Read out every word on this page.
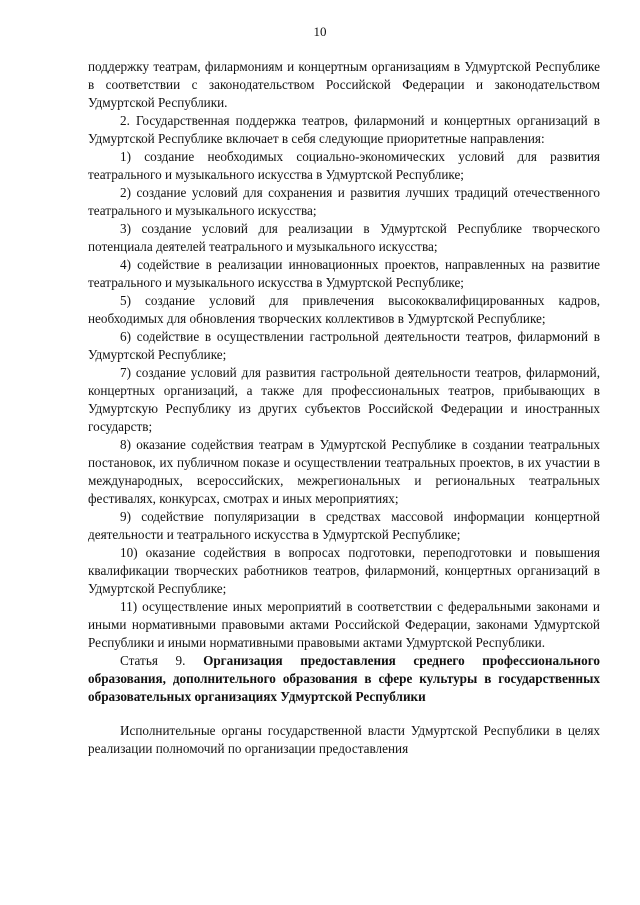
10

поддержку театрам, филармониям и концертным организациям в Удмуртской Республике в соответствии с законодательством Российской Федерации и законодательством Удмуртской Республики.

2. Государственная поддержка театров, филармоний и концертных организаций в Удмуртской Республике включает в себя следующие приоритетные направления:

1) создание необходимых социально-экономических условий для развития театрального и музыкального искусства в Удмуртской Республике;

2) создание условий для сохранения и развития лучших традиций отечественного театрального и музыкального искусства;

3) создание условий для реализации в Удмуртской Республике творческого потенциала деятелей театрального и музыкального искусства;

4) содействие в реализации инновационных проектов, направленных на развитие театрального и музыкального искусства в Удмуртской Республике;

5) создание условий для привлечения высококвалифицированных кадров, необходимых для обновления творческих коллективов в Удмуртской Республике;

6) содействие в осуществлении гастрольной деятельности театров, филармоний в Удмуртской Республике;

7) создание условий для развития гастрольной деятельности театров, филармоний, концертных организаций, а также для профессиональных театров, прибывающих в Удмуртскую Республику из других субъектов Российской Федерации и иностранных государств;

8) оказание содействия театрам в Удмуртской Республике в создании театральных постановок, их публичном показе и осуществлении театральных проектов, в их участии в международных, всероссийских, межрегиональных и региональных театральных фестивалях, конкурсах, смотрах и иных мероприятиях;

9) содействие популяризации в средствах массовой информации концертной деятельности и театрального искусства в Удмуртской Республике;

10) оказание содействия в вопросах подготовки, переподготовки и повышения квалификации творческих работников театров, филармоний, концертных организаций в Удмуртской Республике;

11) осуществление иных мероприятий в соответствии с федеральными законами и иными нормативными правовыми актами Российской Федерации, законами Удмуртской Республики и иными нормативными правовыми актами Удмуртской Республики.

Статья 9. Организация предоставления среднего профессионального образования, дополнительного образования в сфере культуры в государственных образовательных организациях Удмуртской Республики

Исполнительные органы государственной власти Удмуртской Республики в целях реализации полномочий по организации предоставления
